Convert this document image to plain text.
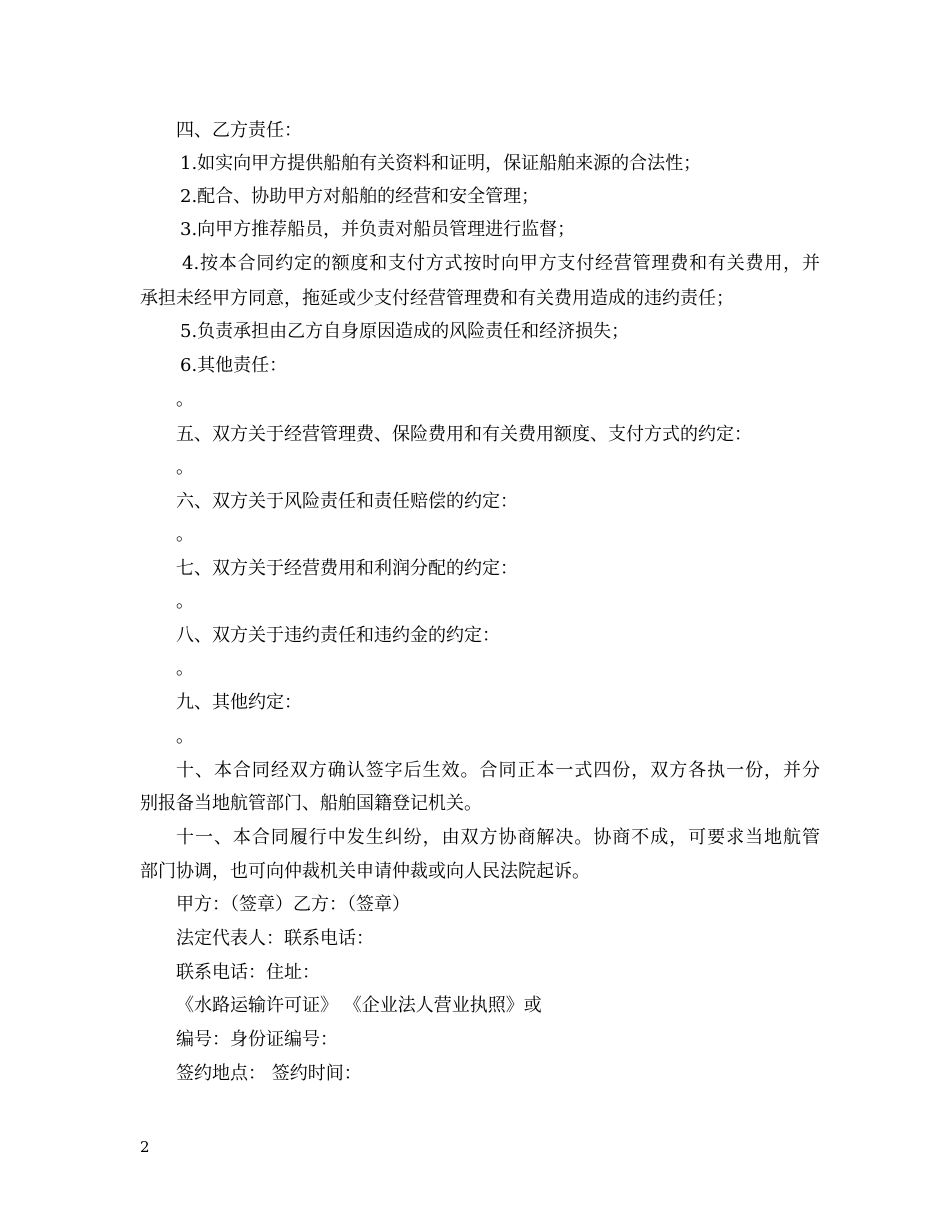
四、乙方责任：
1.如实向甲方提供船舶有关资料和证明，保证船舶来源的合法性；
2.配合、协助甲方对船舶的经营和安全管理；
3.向甲方推荐船员，并负责对船员管理进行监督；
4.按本合同约定的额度和支付方式按时向甲方支付经营管理费和有关费用，并
承担未经甲方同意，拖延或少支付经营管理费和有关费用造成的违约责任；
5.负责承担由乙方自身原因造成的风险责任和经济损失；
6.其他责任：
。
五、双方关于经营管理费、保险费用和有关费用额度、支付方式的约定：
。
六、双方关于风险责任和责任赔偿的约定：
。
七、双方关于经营费用和利润分配的约定：
。
八、双方关于违约责任和违约金的约定：
。
九、其他约定：
。
十、本合同经双方确认签字后生效。合同正本一式四份，双方各执一份，并分
别报备当地航管部门、船舶国籍登记机关。
十一、本合同履行中发生纠纷，由双方协商解决。协商不成，可要求当地航管
部门协调，也可向仲裁机关申请仲裁或向人民法院起诉。
甲方：（签章）乙方：（签章）
法定代表人：联系电话：
联系电话：住址：
《水路运输许可证》 《企业法人营业执照》或
编号：身份证编号：
签约地点： 签约时间：
2
